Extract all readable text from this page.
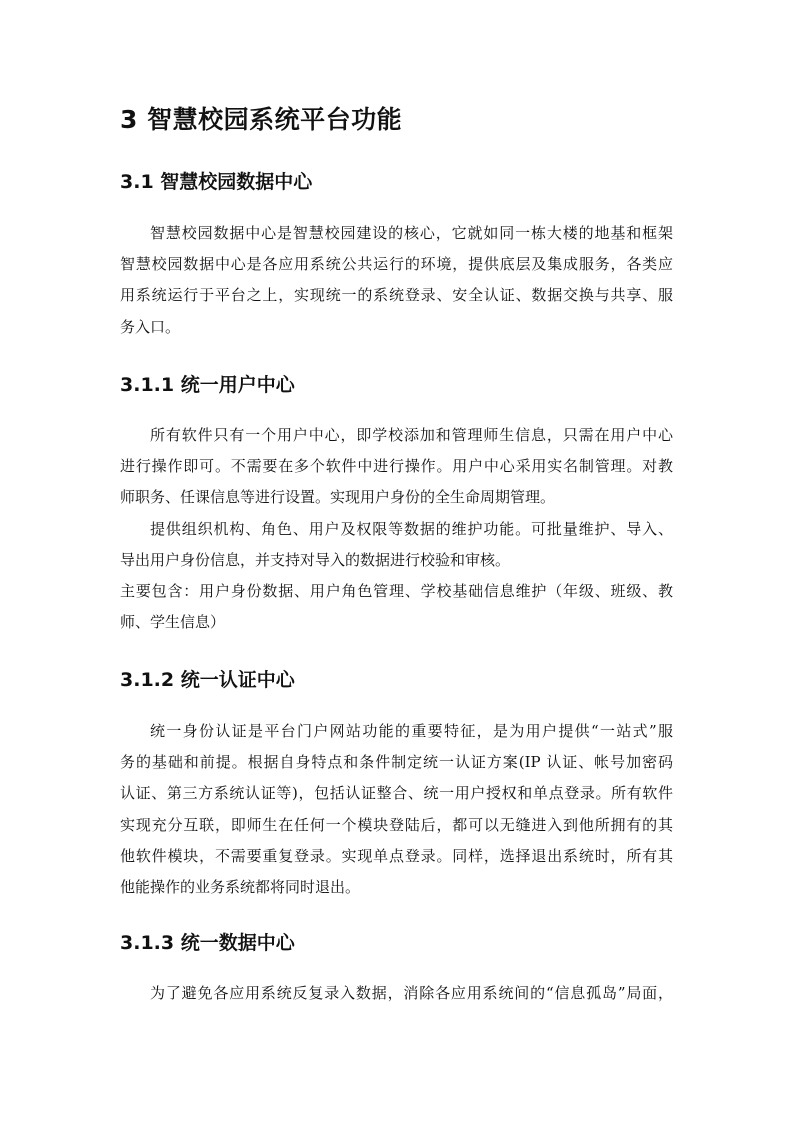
3 智慧校园系统平台功能
3.1 智慧校园数据中心
智慧校园数据中心是智慧校园建设的核心，它就如同一栋大楼的地基和框架
智慧校园数据中心是各应用系统公共运行的环境，提供底层及集成服务，各类应
用系统运行于平台之上，实现统一的系统登录、安全认证、数据交换与共享、服
务入口。
3.1.1 统一用户中心
所有软件只有一个用户中心，即学校添加和管理师生信息，只需在用户中心
进行操作即可。不需要在多个软件中进行操作。用户中心采用实名制管理。对教
师职务、任课信息等进行设置。实现用户身份的全生命周期管理。
提供组织机构、角色、用户及权限等数据的维护功能。可批量维护、导入、
导出用户身份信息，并支持对导入的数据进行校验和审核。
主要包含：用户身份数据、用户角色管理、学校基础信息维护（年级、班级、教
师、学生信息）
3.1.2 统一认证中心
统一身份认证是平台门户网站功能的重要特征，是为用户提供“一站式”服
务的基础和前提。根据自身特点和条件制定统一认证方案(IP 认证、帐号加密码
认证、第三方系统认证等)，包括认证整合、统一用户授权和单点登录。所有软件
实现充分互联，即师生在任何一个模块登陆后，都可以无缝进入到他所拥有的其
他软件模块，不需要重复登录。实现单点登录。同样，选择退出系统时，所有其
他能操作的业务系统都将同时退出。
3.1.3 统一数据中心
为了避免各应用系统反复录入数据，消除各应用系统间的“信息孤岛”局面，
